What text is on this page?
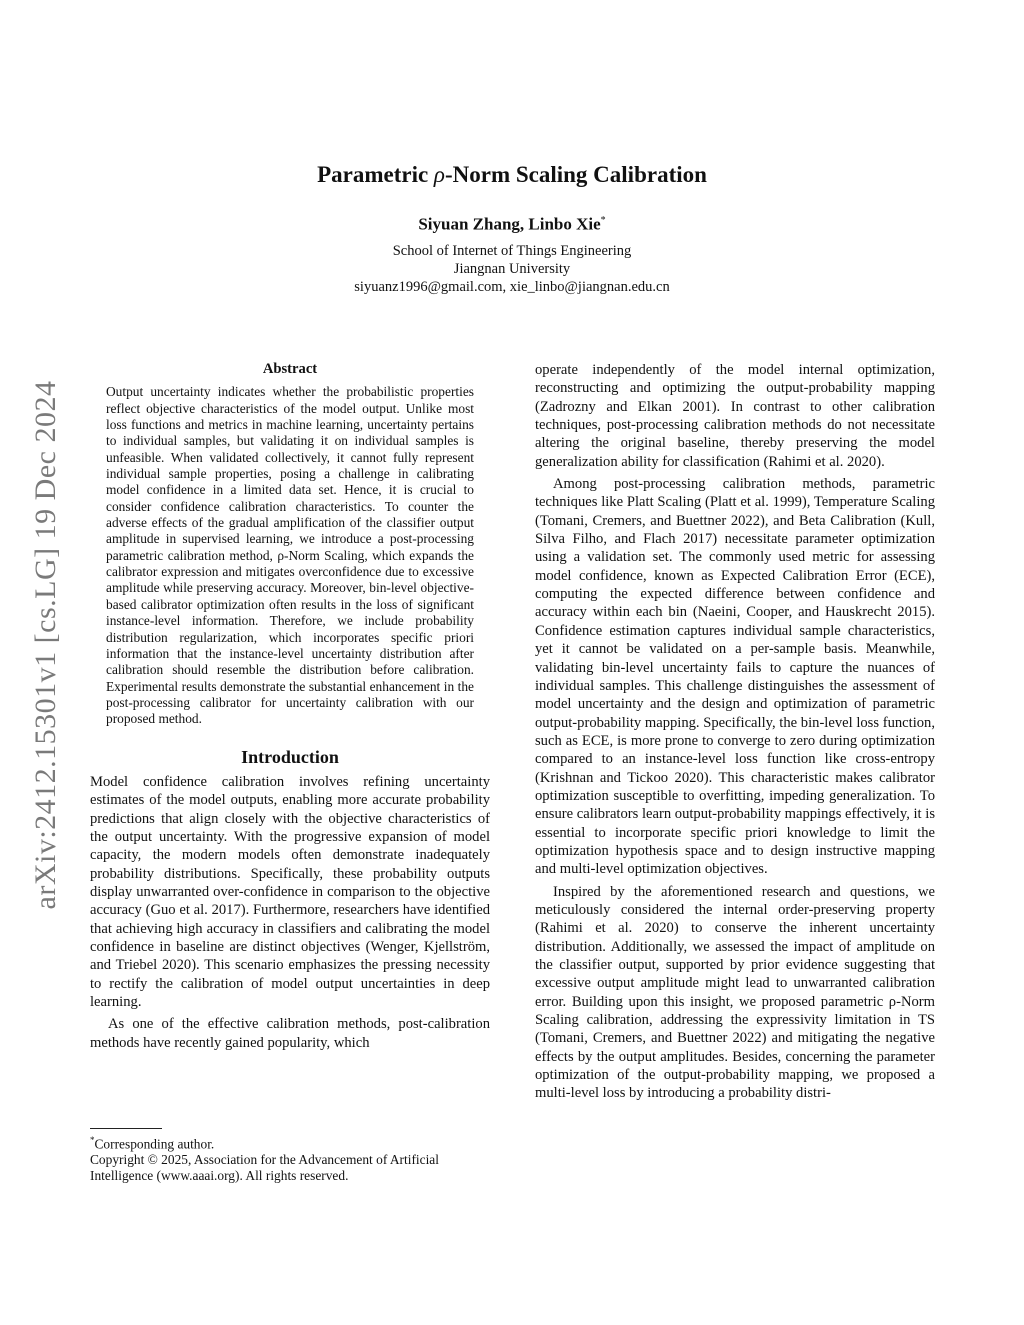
arXiv:2412.15301v1 [cs.LG] 19 Dec 2024
Parametric ρ-Norm Scaling Calibration
Siyuan Zhang, Linbo Xie*
School of Internet of Things Engineering
Jiangnan University
siyuanz1996@gmail.com, xie_linbo@jiangnan.edu.cn
Abstract
Output uncertainty indicates whether the probabilistic properties reflect objective characteristics of the model output. Unlike most loss functions and metrics in machine learning, uncertainty pertains to individual samples, but validating it on individual samples is unfeasible. When validated collectively, it cannot fully represent individual sample properties, posing a challenge in calibrating model confidence in a limited data set. Hence, it is crucial to consider confidence calibration characteristics. To counter the adverse effects of the gradual amplification of the classifier output amplitude in supervised learning, we introduce a post-processing parametric calibration method, ρ-Norm Scaling, which expands the calibrator expression and mitigates overconfidence due to excessive amplitude while preserving accuracy. Moreover, bin-level objective-based calibrator optimization often results in the loss of significant instance-level information. Therefore, we include probability distribution regularization, which incorporates specific priori information that the instance-level uncertainty distribution after calibration should resemble the distribution before calibration. Experimental results demonstrate the substantial enhancement in the post-processing calibrator for uncertainty calibration with our proposed method.
Introduction

Model confidence calibration involves refining uncertainty estimates of the model outputs, enabling more accurate probability predictions that align closely with the objective characteristics of the output uncertainty. With the progressive expansion of model capacity, the modern models often demonstrate inadequately probability distributions. Specifically, these probability outputs display unwarranted over-confidence in comparison to the objective accuracy (Guo et al. 2017). Furthermore, researchers have identified that achieving high accuracy in classifiers and calibrating the model confidence in baseline are distinct objectives (Wenger, Kjellström, and Triebel 2020). This scenario emphasizes the pressing necessity to rectify the calibration of model output uncertainties in deep learning.

As one of the effective calibration methods, post-calibration methods have recently gained popularity, which

*Corresponding author.
Copyright © 2025, Association for the Advancement of Artificial Intelligence (www.aaai.org). All rights reserved.

operate independently of the model internal optimization, reconstructing and optimizing the output-probability mapping (Zadrozny and Elkan 2001). In contrast to other calibration techniques, post-processing calibration methods do not necessitate altering the original baseline, thereby preserving the model generalization ability for classification (Rahimi et al. 2020).

Among post-processing calibration methods, parametric techniques like Platt Scaling (Platt et al. 1999), Temperature Scaling (Tomani, Cremers, and Buettner 2022), and Beta Calibration (Kull, Silva Filho, and Flach 2017) necessitate parameter optimization using a validation set. The commonly used metric for assessing model confidence, known as Expected Calibration Error (ECE), computing the expected difference between confidence and accuracy within each bin (Naeini, Cooper, and Hauskrecht 2015). Confidence estimation captures individual sample characteristics, yet it cannot be validated on a per-sample basis. Meanwhile, validating bin-level uncertainty fails to capture the nuances of individual samples. This challenge distinguishes the assessment of model uncertainty and the design and optimization of parametric output-probability mapping. Specifically, the bin-level loss function, such as ECE, is more prone to converge to zero during optimization compared to an instance-level loss function like cross-entropy (Krishnan and Tickoo 2020). This characteristic makes calibrator optimization susceptible to overfitting, impeding generalization. To ensure calibrators learn output-probability mappings effectively, it is essential to incorporate specific priori knowledge to limit the optimization hypothesis space and to design instructive mapping and multi-level optimization objectives.

Inspired by the aforementioned research and questions, we meticulously considered the internal order-preserving property (Rahimi et al. 2020) to conserve the inherent uncertainty distribution. Additionally, we assessed the impact of amplitude on the classifier output, supported by prior evidence suggesting that excessive output amplitude might lead to unwarranted calibration error. Building upon this insight, we proposed parametric ρ-Norm Scaling calibration, addressing the expressivity limitation in TS (Tomani, Cremers, and Buettner 2022) and mitigating the negative effects by the output amplitudes. Besides, concerning the parameter optimization of the output-probability mapping, we proposed a multi-level loss by introducing a probability distri-
